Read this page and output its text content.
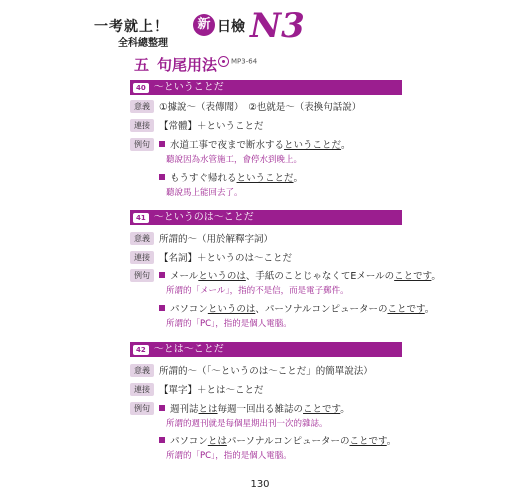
一考就上！	新 日檢 N3
全科總整理
五 句尾用法	MP3-64
40 ～ということだ
意義 ①據說～（表傳聞）　②也就是～（表換句話說）
連接 【常體】＋ということだ
例句 水道工事で夜まで断水するということだ。
聽說因為水管施工，會停水到晚上。
もうすぐ帰れるということだ。
聽說馬上能回去了。
41 ～というのは～ことだ
意義 所謂的～（用於解釋字詞）
連接 【名詞】＋というのは～ことだ
例句 メールというのは、手紙のことじゃなくてEメールのことです。
所謂的「メール」，指的不是信，而是電子郵件。
パソコンというのは、パーソナルコンピューターのことです。
所謂的「PC」，指的是個人電腦。
42 ～とは～ことだ
意義 所謂的～（「～というのは～ことだ」的簡單說法）
連接 【單字】＋とは～ことだ
例句 週刊誌とは毎週一回出る雑誌のことです。
所謂的週刊就是每個星期出刊一次的雜誌。
パソコンとはパーソナルコンピューターのことです。
所謂的「PC」，指的是個人電腦。
130
